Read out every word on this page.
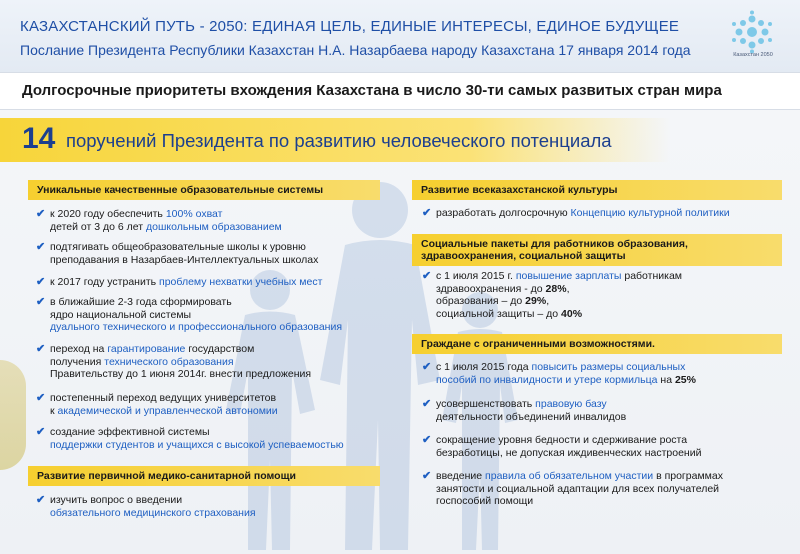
КАЗАХСТАНСКИЙ ПУТЬ - 2050: ЕДИНАЯ ЦЕЛЬ, ЕДИНЫЕ ИНТЕРЕСЫ, ЕДИНОЕ БУДУЩЕЕ
Послание Президента Республики Казахстан Н.А. Назарбаева народу Казахстана 17 января 2014 года	Казахстан 2050
Долгосрочные приоритеты вхождения Казахстана в число 30-ти самых развитых стран мира
14 поручений Президента по развитию человеческого потенциала
Уникальные качественные образовательные системы
✔ к 2020 году обеспечить 100% охват
детей от 3 до 6 лет дошкольным образованием
✔ подтягивать общеобразовательные школы к уровню
преподавания в Назарбаев-Интеллектуальных школах
✔ к 2017 году устранить проблему нехватки учебных мест
✔ в ближайшие 2-3 года сформировать
ядро национальной системы
дуального технического и профессионального образования
✔ переход на гарантирование государством
получения технического образования
Правительству до 1 июня 2014г. внести предложения
✔ постепенный переход ведущих университетов
к академической и управленческой автономии
✔ создание эффективной системы
поддержки студентов и учащихся с высокой успеваемостью
Развитие первичной медико-санитарной помощи
✔ изучить вопрос о введении
обязательного медицинского страхования
Развитие всеказахстанской культуры
✔ разработать долгосрочную Концепцию культурной политики
Социальные пакеты для работников образования,
здравоохранения, социальной защиты
✔ с 1 июля 2015 г. повышение зарплаты работникам
здравоохранения - до 28%,
образования – до 29%,
социальной защиты – до 40%
Граждане с ограниченными возможностями.
✔ с 1 июля 2015 года повысить размеры социальных
пособий по инвалидности и утере кормильца на 25%
✔ усовершенствовать правовую базу
деятельности объединений инвалидов
✔ сокращение уровня бедности и сдерживание роста
безработицы, не допуская иждивенческих настроений
✔ введение правила об обязательном участии в программах
занятости и социальной адаптации для всех получателей
госпособий помощи
